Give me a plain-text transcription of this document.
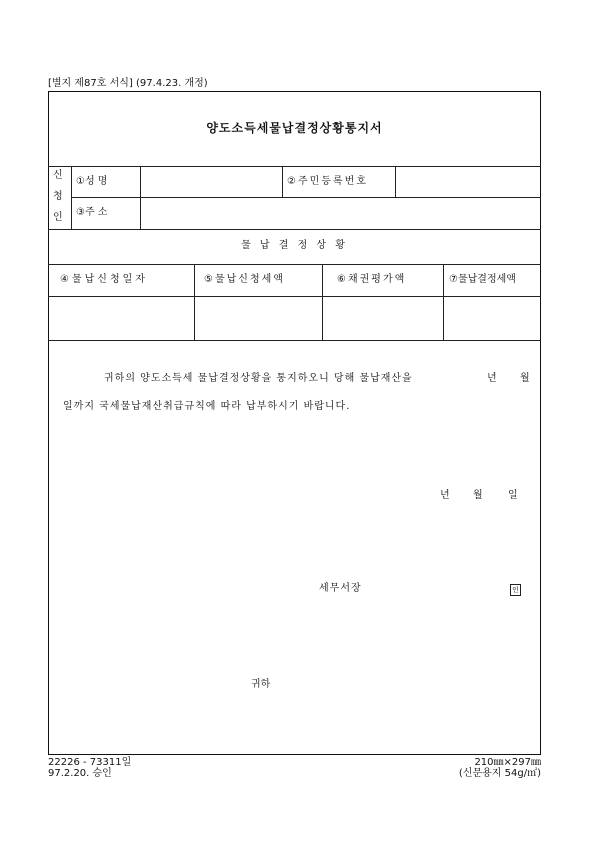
[별지 제87호 서식] (97.4.23. 개정)
양도소득세물납결정상황통지서
신
청
인
①성 명	②주민등록번호
③주 소
물 납 결 정 상 황
④물납신청일자	⑤물납신청세액	⑥채권평가액	⑦물납결정세액
귀하의 양도소득세 물납결정상황을 통지하오니 당해 물납재산을	년 월
일까지 국세물납재산취급규칙에 따라 납부하시기 바랍니다.
년 월	일
세무서장	인
귀하
22226 - 73311일
97.2.20. 승인
210㎜×297㎜
(신문용지 54g/㎡)
